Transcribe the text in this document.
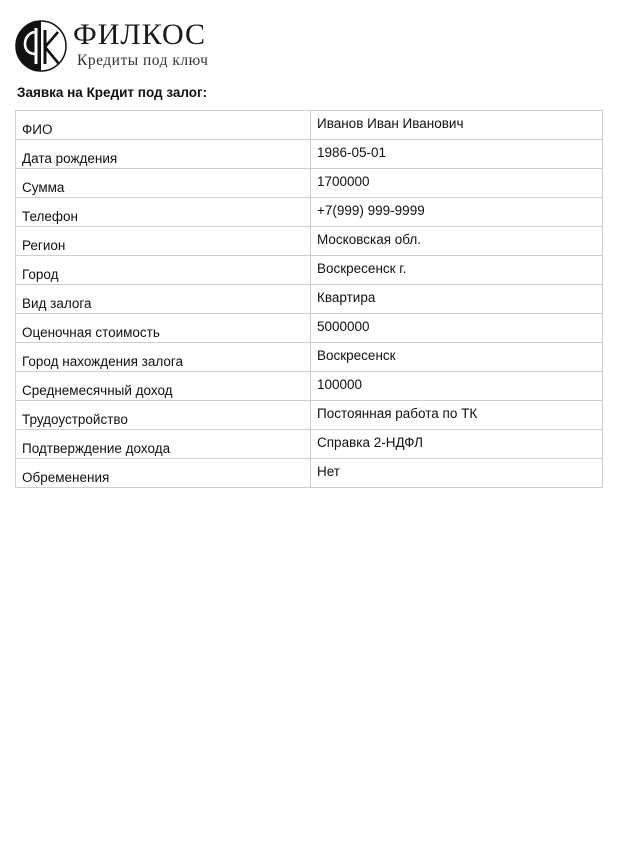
ФИЛКОС
Кредиты под ключ
Заявка на Кредит под залог:
ФИО	Иванов Иван Иванович
Дата рождения	1986-05-01
Сумма	1700000
Телефон	+7(999) 999-9999
Регион	Московская обл.
Город	Воскресенск г.
Вид залога	Квартира
Оценочная стоимость	5000000
Город нахождения залога	Воскресенск
Среднемесячный доход	100000
Трудоустройство	Постоянная работа по ТК
Подтверждение дохода	Справка 2-НДФЛ
Обременения	Нет
